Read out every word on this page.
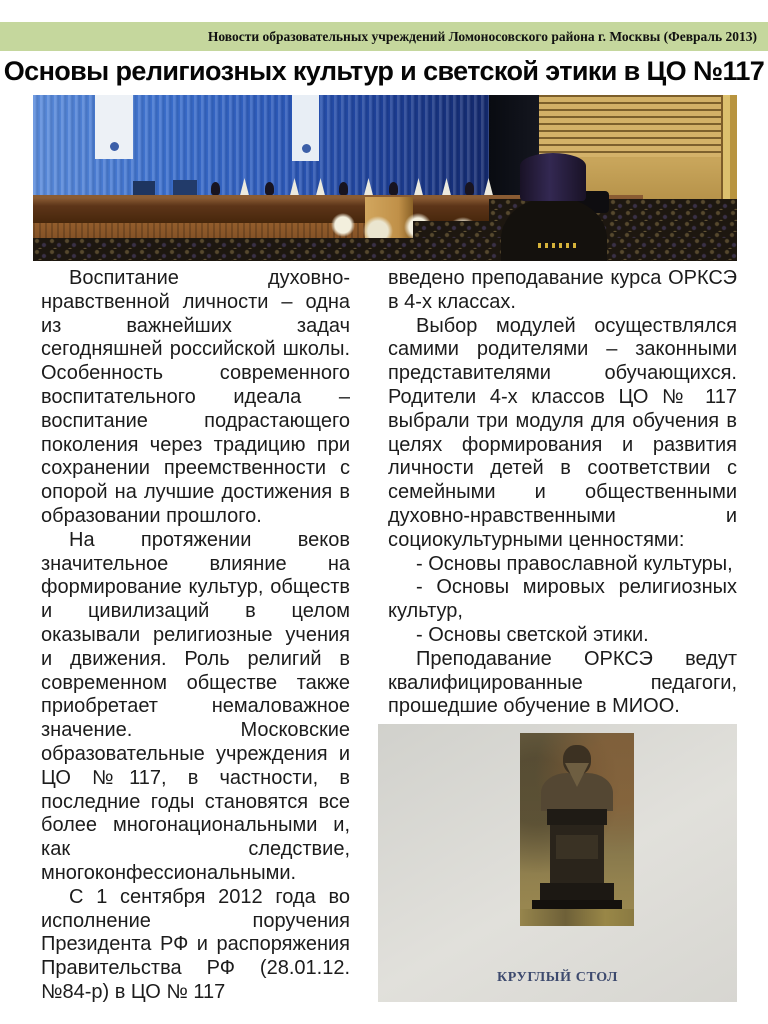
Новости образовательных учреждений Ломоносовского района г. Москвы (Февраль 2013)
Основы религиозных культур и светской этики в ЦО №117

Воспитание духовно-нравственной личности – одна из важнейших задач сегодняшней российской школы. Особенность современного воспитательного идеала – воспитание подрастающего поколения через традицию при сохранении преемственности с опорой на лучшие достижения в образовании прошлого.

На протяжении веков значительное влияние на формирование культур, обществ и цивилизаций в целом оказывали религиозные учения и движения. Роль религий в современном обществе также приобретает немаловажное значение. Московские образовательные учреждения и ЦО №117, в частности, в последние годы становятся все более многонациональными и, как следствие, многоконфессиональными.

С 1 сентября 2012 года во исполнение поручения Президента РФ и распоряжения Правительства РФ (28.01.12. №84-р) в ЦО № 117

введено преподавание курса ОРКСЭ в 4-х классах.

Выбор модулей осуществлялся самими родителями – законными представителями обучающихся. Родители 4-х классов ЦО № 117 выбрали три модуля для обучения в целях формирования и развития личности детей в соответствии с семейными и общественными духовно-нравственными и социокультурными ценностями:

- Основы православной культуры,

- Основы мировых религиозных культур,

- Основы светской этики.

Преподавание ОРКСЭ ведут квалифицированные педагоги, прошедшие обучение в МИОО.

КРУГЛЫЙ СТОЛ
